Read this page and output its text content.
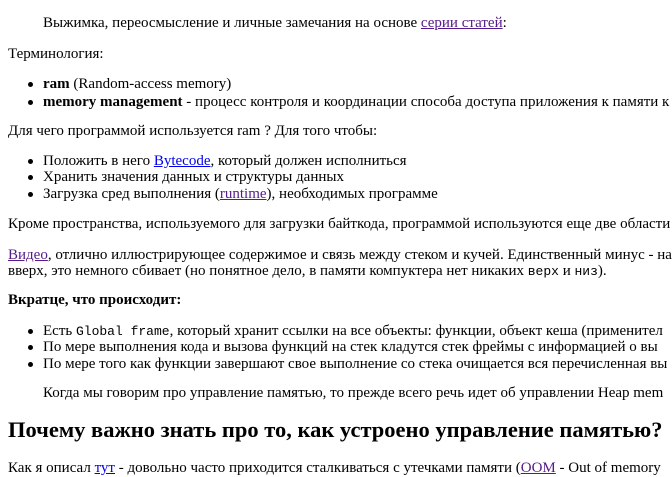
Выжимка, переосмысление и личные замечания на основе серии статей:
Терминология:
ram (Random-access memory)
memory management - процесс контроля и координации способа доступа приложения к памяти к
Для чего программой используется ram ? Для того чтобы:
Положить в него Bytecode, который должен исполниться
Хранить значения данных и структуры данных
Загрузка сред выполнения (runtime), необходимых программе
Кроме пространства, используемого для загрузки байткода, программой используются еще две области
Видео, отлично иллюстрирующее содержимое и связь между стеком и кучей. Единственный минус - на
вверх, это немного сбивает (но понятное дело, в памяти компуктера нет никаких верх и низ).
Вкратце, что происходит:
Есть Global frame, который хранит ссылки на все объекты: функции, объект кеша (применител
По мере выполнения кода и вызова функций на стек кладутся стек фреймы с информацией о вы
По мере того как функции завершают свое выполнение со стека очищается вся перечисленная вы
Когда мы говорим про управление памятью, то прежде всего речь идет об управлении Heap mem
Почему важно знать про то, как устроено управление памятью?
Как я описал тут - довольно часто приходится сталкиваться с утечками памяти (OOM - Out of memory
